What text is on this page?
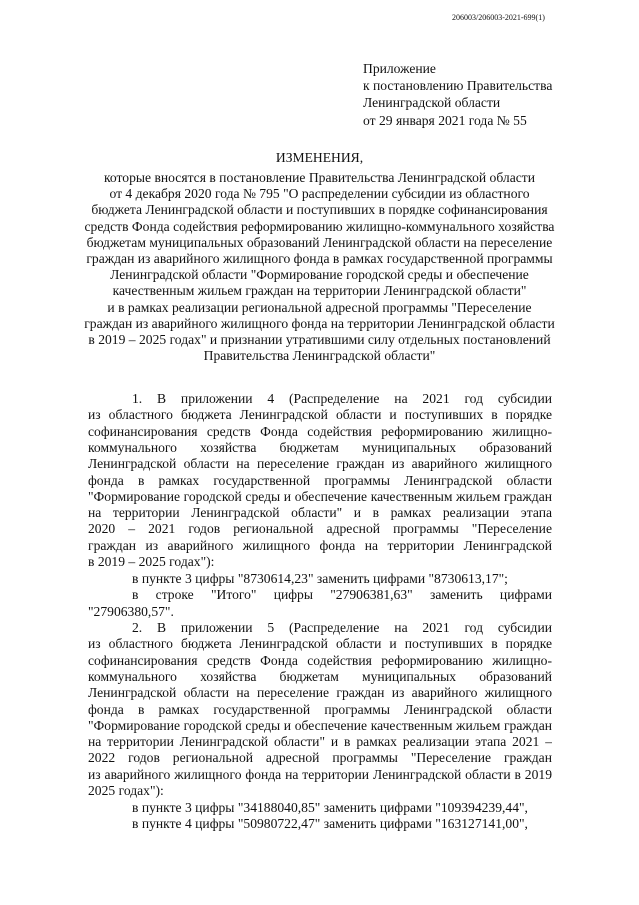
206003/206003-2021-699(1)
Приложение
к постановлению Правительства
Ленинградской области
от 29 января 2021 года № 55
ИЗМЕНЕНИЯ,
которые вносятся в постановление Правительства Ленинградской области
от 4 декабря 2020 года № 795 "О распределении субсидии из областного
бюджета Ленинградской области и поступивших в порядке софинансирования
средств Фонда содействия реформированию жилищно-коммунального хозяйства
бюджетам муниципальных образований Ленинградской области на переселение
граждан из аварийного жилищного фонда в рамках государственной программы
Ленинградской области "Формирование городской среды и обеспечение
качественным жильем граждан на территории Ленинградской области"
и в рамках реализации региональной адресной программы "Переселение
граждан из аварийного жилищного фонда на территории Ленинградской области
в 2019 – 2025 годах" и признании утратившими силу отдельных постановлений
Правительства Ленинградской области"
1. В приложении 4 (Распределение на 2021 год субсидии
из областного бюджета Ленинградской области и поступивших в порядке
софинансирования средств Фонда содействия реформированию жилищно-
коммунального хозяйства бюджетам муниципальных образований
Ленинградской области на переселение граждан из аварийного жилищного
фонда в рамках государственной программы Ленинградской области
"Формирование городской среды и обеспечение качественным жильем граждан
на территории Ленинградской области" и в рамках реализации этапа
2020 – 2021 годов региональной адресной программы "Переселение
граждан из аварийного жилищного фонда на территории Ленинградской
в 2019 – 2025 годах"):
в пункте 3 цифры "8730614,23" заменить цифрами "8730613,17";
в строке "Итого" цифры "27906381,63" заменить цифрами
"27906380,57".
2. В приложении 5 (Распределение на 2021 год субсидии
из областного бюджета Ленинградской области и поступивших в порядке
софинансирования средств Фонда содействия реформированию жилищно-
коммунального хозяйства бюджетам муниципальных образований
Ленинградской области на переселение граждан из аварийного жилищного
фонда в рамках государственной программы Ленинградской области
"Формирование городской среды и обеспечение качественным жильем граждан
на территории Ленинградской области" и в рамках реализации этапа 2021 –
2022 годов региональной адресной программы "Переселение граждан
из аварийного жилищного фонда на территории Ленинградской области в 2019
2025 годах"):
в пункте 3 цифры "34188040,85" заменить цифрами "109394239,44",
в пункте 4 цифры "50980722,47" заменить цифрами "163127141,00",
